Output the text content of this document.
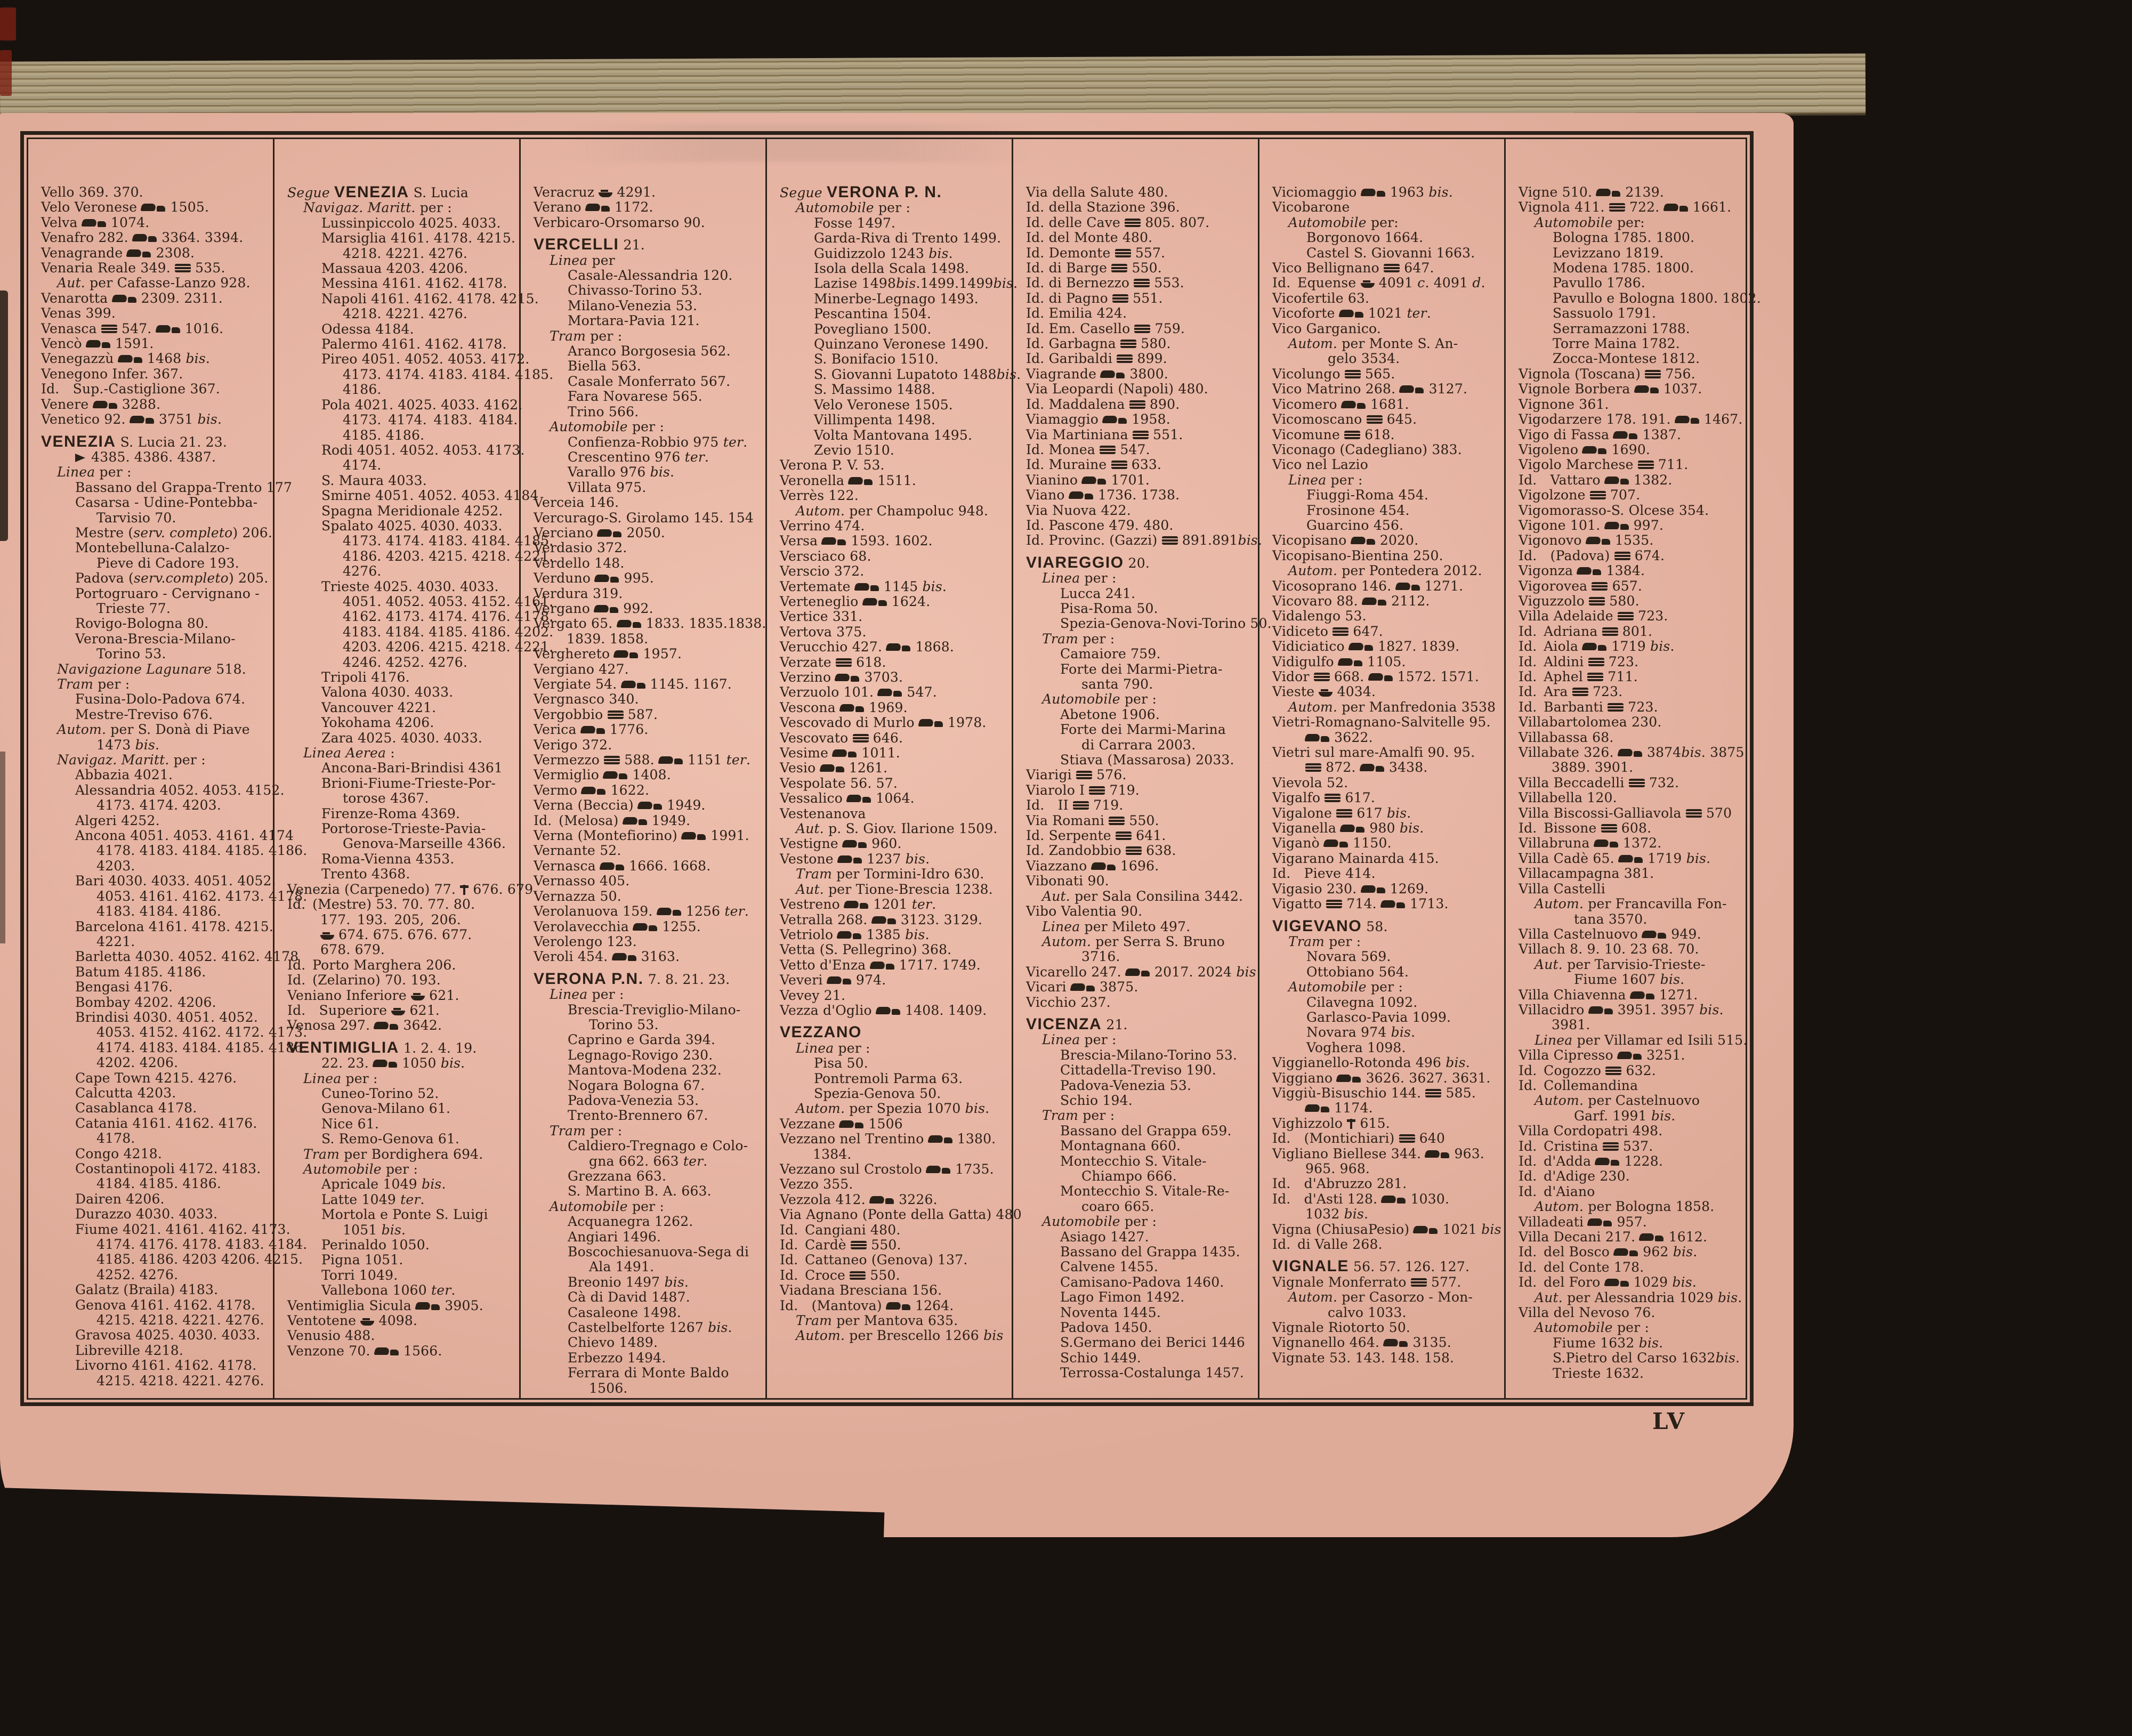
Vello 369. 370.
Velo Veronese  1505.
Velva  1074.
Venafro 282.  3364. 3394.
Venagrande  2308.
Venaria Reale 349.  535.
Aut. per Cafasse-Lanzo 928.
Venarotta  2309. 2311.
Venas 399.
Venasca  547.  1016.
Vencò  1591.
Venegazzù  1468 bis.
Venegono Infer. 367.
Id. Sup.-Castiglione 367.
Venere  3288.
Venetico 92.  3751 bis.
VENEZIA S. Lucia 21. 23.
4385. 4386. 4387.
Linea per :
Bassano del Grappa-Trento 177
Casarsa - Udine-Pontebba-
Tarvisio 70.
Mestre (serv. completo) 206.
Montebelluna-Calalzo-
Pieve di Cadore 193.
Padova (serv.completo) 205.
Portogruaro - Cervignano -
Trieste 77.
Rovigo-Bologna 80.
Verona-Brescia-Milano-
Torino 53.
Navigazione Lagunare 518.
Tram per :
Fusina-Dolo-Padova 674.
Mestre-Treviso 676.
Autom. per S. Donà di Piave
1473 bis.
Navigaz. Maritt. per :
Abbazia 4021.
Alessandria 4052. 4053. 4152.
4173. 4174. 4203.
Algeri 4252.
Ancona 4051. 4053. 4161. 4174
4178. 4183. 4184. 4185. 4186.
4203.
Bari 4030. 4033. 4051. 4052.
4053. 4161. 4162. 4173. 4178.
4183. 4184. 4186.
Barcelona 4161. 4178. 4215.
4221.
Barletta 4030. 4052. 4162. 4178
Batum 4185. 4186.
Bengasi 4176.
Bombay 4202. 4206.
Brindisi 4030. 4051. 4052.
4053. 4152. 4162. 4172. 4173.
4174. 4183. 4184. 4185. 4186.
4202. 4206.
Cape Town 4215. 4276.
Calcutta 4203.
Casablanca 4178.
Catania 4161. 4162. 4176.
4178.
Congo 4218.
Costantinopoli 4172. 4183.
4184. 4185. 4186.
Dairen 4206.
Durazzo 4030. 4033.
Fiume 4021. 4161. 4162. 4173.
4174. 4176. 4178. 4183. 4184.
4185. 4186. 4203 4206. 4215.
4252. 4276.
Galatz (Braila) 4183.
Genova 4161. 4162. 4178.
4215. 4218. 4221. 4276.
Gravosa 4025. 4030. 4033.
Libreville 4218.
Livorno 4161. 4162. 4178.
4215. 4218. 4221. 4276.
Segue VENEZIA S. Lucia
Navigaz. Maritt. per :
Lussinpiccolo 4025. 4033.
Marsiglia 4161. 4178. 4215.
4218. 4221. 4276.
Massaua 4203. 4206.
Messina 4161. 4162. 4178.
Napoli 4161. 4162. 4178. 4215.
4218. 4221. 4276.
Odessa 4184.
Palermo 4161. 4162. 4178.
Pireo 4051. 4052. 4053. 4172.
4173. 4174. 4183. 4184. 4185.
4186.
Pola 4021. 4025. 4033. 4162.
4173. 4174. 4183. 4184.
4185. 4186.
Rodi 4051. 4052. 4053. 4173.
4174.
S. Maura 4033.
Smirne 4051. 4052. 4053. 4184
Spagna Meridionale 4252.
Spalato 4025. 4030. 4033.
4173. 4174. 4183. 4184. 4185.
4186. 4203. 4215. 4218. 4221.
4276.
Trieste 4025. 4030. 4033.
4051. 4052. 4053. 4152. 4161.
4162. 4173. 4174. 4176. 4178.
4183. 4184. 4185. 4186. 4202.
4203. 4206. 4215. 4218. 4221.
4246. 4252. 4276.
Tripoli 4176.
Valona 4030. 4033.
Vancouver 4221.
Yokohama 4206.
Zara 4025. 4030. 4033.
Linea Aerea :
Ancona-Bari-Brindisi 4361
Brioni-Fiume-Trieste-Por-
torose 4367.
Firenze-Roma 4369.
Portorose-Trieste-Pavia-
Genova-Marseille 4366.
Roma-Vienna 4353.
Trento 4368.
Venezia (Carpenedo) 77.  676. 679.
Id. (Mestre) 53. 70. 77. 80.
177. 193. 205, 206.
674. 675. 676. 677.
678. 679.
Id. Porto Marghera 206.
Id. (Zelarino) 70. 193.
Veniano Inferiore  621.
Id. Superiore  621.
Venosa 297.  3642.
VENTIMIGLIA 1. 2. 4. 19.
22. 23.  1050 bis.
Linea per :
Cuneo-Torino 52.
Genova-Milano 61.
Nice 61.
S. Remo-Genova 61.
Tram per Bordighera 694.
Automobile per :
Apricale 1049 bis.
Latte 1049 ter.
Mortola e Ponte S. Luigi
1051 bis.
Perinaldo 1050.
Pigna 1051.
Torri 1049.
Vallebona 1060 ter.
Ventimiglia Sicula  3905.
Ventotene  4098.
Venusio 488.
Venzone 70.  1566.
Veracruz  4291.
Verano  1172.
Verbicaro-Orsomarso 90.
VERCELLI 21.
Linea per
Casale-Alessandria 120.
Chivasso-Torino 53.
Milano-Venezia 53.
Mortara-Pavia 121.
Tram per :
Aranco Borgosesia 562.
Biella 563.
Casale Monferrato 567.
Fara Novarese 565.
Trino 566.
Automobile per :
Confienza-Robbio 975 ter.
Crescentino 976 ter.
Varallo 976 bis.
Villata 975.
Verceia 146.
Vercurago-S. Girolamo 145. 154
Verciano  2050.
Verdasio 372.
Verdello 148.
Verduno  995.
Verdura 319.
Vergano  992.
Vergato 65.  1833. 1835.1838.
1839. 1858.
Verghereto  1957.
Vergiano 427.
Vergiate 54.  1145. 1167.
Vergnasco 340.
Vergobbio  587.
Verica  1776.
Verigo 372.
Vermezzo  588.  1151 ter.
Vermiglio  1408.
Vermo  1622.
Verna (Beccia)  1949.
Id. (Melosa)  1949.
Verna (Montefiorino)  1991.
Vernante 52.
Vernasca  1666. 1668.
Vernasso 405.
Vernazza 50.
Verolanuova 159.  1256 ter.
Verolavecchia  1255.
Verolengo 123.
Veroli 454.  3163.
VERONA P.N. 7. 8. 21. 23.
Linea per :
Brescia-Treviglio-Milano-
Torino 53.
Caprino e Garda 394.
Legnago-Rovigo 230.
Mantova-Modena 232.
Nogara Bologna 67.
Padova-Venezia 53.
Trento-Brennero 67.
Tram per :
Caldiero-Tregnago e Colo-
gna 662. 663 ter.
Grezzana 663.
S. Martino B. A. 663.
Automobile per :
Acquanegra 1262.
Angiari 1496.
Boscochiesanuova-Sega di
Ala 1491.
Breonio 1497 bis.
Cà di David 1487.
Casaleone 1498.
Castelbelforte 1267 bis.
Chievo 1489.
Erbezzo 1494.
Ferrara di Monte Baldo
1506.
Segue VERONA P. N.
Automobile per :
Fosse 1497.
Garda-Riva di Trento 1499.
Guidizzolo 1243 bis.
Isola della Scala 1498.
Lazise 1498bis.1499.1499bis.
Minerbe-Legnago 1493.
Pescantina 1504.
Povegliano 1500.
Quinzano Veronese 1490.
S. Bonifacio 1510.
S. Giovanni Lupatoto 1488bis.
S. Massimo 1488.
Velo Veronese 1505.
Villimpenta 1498.
Volta Mantovana 1495.
Zevio 1510.
Verona P. V. 53.
Veronella  1511.
Verrès 122.
Autom. per Champoluc 948.
Verrino 474.
Versa  1593. 1602.
Versciaco 68.
Verscio 372.
Vertemate  1145 bis.
Verteneglio  1624.
Vertice 331.
Vertova 375.
Verucchio 427.  1868.
Verzate  618.
Verzino  3703.
Verzuolo 101.  547.
Vescona  1969.
Vescovado di Murlo  1978.
Vescovato  646.
Vesime  1011.
Vesio  1261.
Vespolate 56. 57.
Vessalico  1064.
Vestenanova
Aut. p. S. Giov. Ilarione 1509.
Vestigne  960.
Vestone  1237 bis.
Tram per Tormini-Idro 630.
Aut. per Tione-Brescia 1238.
Vestreno  1201 ter.
Vetralla 268.  3123. 3129.
Vetriolo  1385 bis.
Vetta (S. Pellegrino) 368.
Vetto d'Enza  1717. 1749.
Veveri  974.
Vevey 21.
Vezza d'Oglio  1408. 1409.
VEZZANO
Linea per :
Pisa 50.
Pontremoli Parma 63.
Spezia-Genova 50.
Autom. per Spezia 1070 bis.
Vezzane  1506
Vezzano nel Trentino  1380.
1384.
Vezzano sul Crostolo  1735.
Vezzo 355.
Vezzola 412.  3226.
Via Agnano (Ponte della Gatta) 480
Id. Cangiani 480.
Id. Cardè  550.
Id. Cattaneo (Genova) 137.
Id. Croce  550.
Viadana Bresciana 156.
Id. (Mantova)  1264.
Tram per Mantova 635.
Autom. per Brescello 1266 bis
Via della Salute 480.
Id. della Stazione 396.
Id. delle Cave  805. 807.
Id. del Monte 480.
Id. Demonte  557.
Id. di Barge  550.
Id. di Bernezzo  553.
Id. di Pagno  551.
Id. Emilia 424.
Id. Em. Casello  759.
Id. Garbagna  580.
Id. Garibaldi  899.
Viagrande  3800.
Via Leopardi (Napoli) 480.
Id. Maddalena  890.
Viamaggio  1958.
Via Martiniana  551.
Id. Monea  547.
Id. Muraine  633.
Vianino  1701.
Viano  1736. 1738.
Via Nuova 422.
Id. Pascone 479. 480.
Id. Provinc. (Gazzi)  891.891bis.
VIAREGGIO 20.
Linea per :
Lucca 241.
Pisa-Roma 50.
Spezia-Genova-Novi-Torino 50.
Tram per :
Camaiore 759.
Forte dei Marmi-Pietra-
santa 790.
Automobile per :
Abetone 1906.
Forte dei Marmi-Marina
di Carrara 2003.
Stiava (Massarosa) 2033.
Viarigi  576.
Viarolo I  719.
Id. II  719.
Via Romani  550.
Id. Serpente  641.
Id. Zandobbio  638.
Viazzano  1696.
Vibonati 90.
Aut. per Sala Consilina 3442.
Vibo Valentia 90.
Linea per Mileto 497.
Autom. per Serra S. Bruno
3716.
Vicarello 247.  2017. 2024 bis
Vicari  3875.
Vicchio 237.
VICENZA 21.
Linea per :
Brescia-Milano-Torino 53.
Cittadella-Treviso 190.
Padova-Venezia 53.
Schio 194.
Tram per :
Bassano del Grappa 659.
Montagnana 660.
Montecchio S. Vitale-
Chiampo 666.
Montecchio S. Vitale-Re-
coaro 665.
Automobile per :
Asiago 1427.
Bassano del Grappa 1435.
Calvene 1455.
Camisano-Padova 1460.
Lago Fimon 1492.
Noventa 1445.
Padova 1450.
S.Germano dei Berici 1446
Schio 1449.
Terrossa-Costalunga 1457.
Viciomaggio  1963 bis.
Vicobarone
Automobile per:
Borgonovo 1664.
Castel S. Giovanni 1663.
Vico Bellignano  647.
Id. Equense  4091 c. 4091 d.
Vicofertile 63.
Vicoforte  1021 ter.
Vico Garganico.
Autom. per Monte S. An-
gelo 3534.
Vicolungo  565.
Vico Matrino 268.  3127.
Vicomero  1681.
Vicomoscano  645.
Vicomune  618.
Viconago (Cadegliano) 383.
Vico nel Lazio
Linea per :
Fiuggi-Roma 454.
Frosinone 454.
Guarcino 456.
Vicopisano  2020.
Vicopisano-Bientina 250.
Autom. per Pontedera 2012.
Vicosoprano 146.  1271.
Vicovaro 88.  2112.
Vidalengo 53.
Vidiceto  647.
Vidiciatico  1827. 1839.
Vidigulfo  1105.
Vidor  668.  1572. 1571.
Vieste  4034.
Autom. per Manfredonia 3538
Vietri-Romagnano-Salvitelle 95.
3622.
Vietri sul mare-Amalfi 90. 95.
872.  3438.
Vievola 52.
Vigalfo  617.
Vigalone  617 bis.
Viganella  980 bis.
Viganò  1150.
Vigarano Mainarda 415.
Id. Pieve 414.
Vigasio 230.  1269.
Vigatto  714.  1713.
VIGEVANO 58.
Tram per :
Novara 569.
Ottobiano 564.
Automobile per :
Cilavegna 1092.
Garlasco-Pavia 1099.
Novara 974 bis.
Voghera 1098.
Viggianello-Rotonda 496 bis.
Viggiano  3626. 3627. 3631.
Viggiù-Bisuschio 144.  585.
1174.
Vighizzolo  615.
Id. (Montichiari)  640
Vigliano Biellese 344.  963.
965. 968.
Id. d'Abruzzo 281.
Id. d'Asti 128.  1030.
1032 bis.
Vigna (ChiusaPesio)  1021 bis
Id. di Valle 268.
VIGNALE 56. 57. 126. 127.
Vignale Monferrato  577.
Autom. per Casorzo - Mon-
calvo 1033.
Vignale Riotorto 50.
Vignanello 464.  3135.
Vignate 53. 143. 148. 158.
Vigne 510.  2139.
Vignola 411.  722.  1661.
Automobile per:
Bologna 1785. 1800.
Levizzano 1819.
Modena 1785. 1800.
Pavullo 1786.
Pavullo e Bologna 1800. 1802.
Sassuolo 1791.
Serramazzoni 1788.
Torre Maina 1782.
Zocca-Montese 1812.
Vignola (Toscana)  756.
Vignole Borbera  1037.
Vignone 361.
Vigodarzere 178. 191.  1467.
Vigo di Fassa  1387.
Vigoleno  1690.
Vigolo Marchese  711.
Id. Vattaro  1382.
Vigolzone  707.
Vigomorasso-S. Olcese 354.
Vigone 101.  997.
Vigonovo  1535.
Id. (Padova)  674.
Vigonza  1384.
Vigorovea  657.
Viguzzolo  580.
Villa Adelaide  723.
Id. Adriana  801.
Id. Aiola  1719 bis.
Id. Aldini  723.
Id. Aphel  711.
Id. Ara  723.
Id. Barbanti  723.
Villabartolomea 230.
Villabassa 68.
Villabate 326.  3874bis. 3875.
3889. 3901.
Villa Beccadelli  732.
Villabella 120.
Villa Biscossi-Galliavola  570
Id. Bissone  608.
Villabruna  1372.
Villa Cadè 65.  1719 bis.
Villacampagna 381.
Villa Castelli
Autom. per Francavilla Fon-
tana 3570.
Villa Castelnuovo  949.
Villach 8. 9. 10. 23 68. 70.
Aut. per Tarvisio-Trieste-
Fiume 1607 bis.
Villa Chiavenna  1271.
Villacidro  3951. 3957 bis.
3981.
Linea per Villamar ed Isili 515.
Villa Cipresso  3251.
Id. Cogozzo  632.
Id. Collemandina
Autom. per Castelnuovo
Garf. 1991 bis.
Villa Cordopatri 498.
Id. Cristina  537.
Id. d'Adda  1228.
Id. d'Adige 230.
Id. d'Aiano
Autom. per Bologna 1858.
Villadeati  957.
Villa Decani 217.  1612.
Id. del Bosco  962 bis.
Id. del Conte 178.
Id. del Foro  1029 bis.
Aut. per Alessandria 1029 bis.
Villa del Nevoso 76.
Automobile per :
Fiume 1632 bis.
S.Pietro del Carso 1632bis.
Trieste 1632.
LV
